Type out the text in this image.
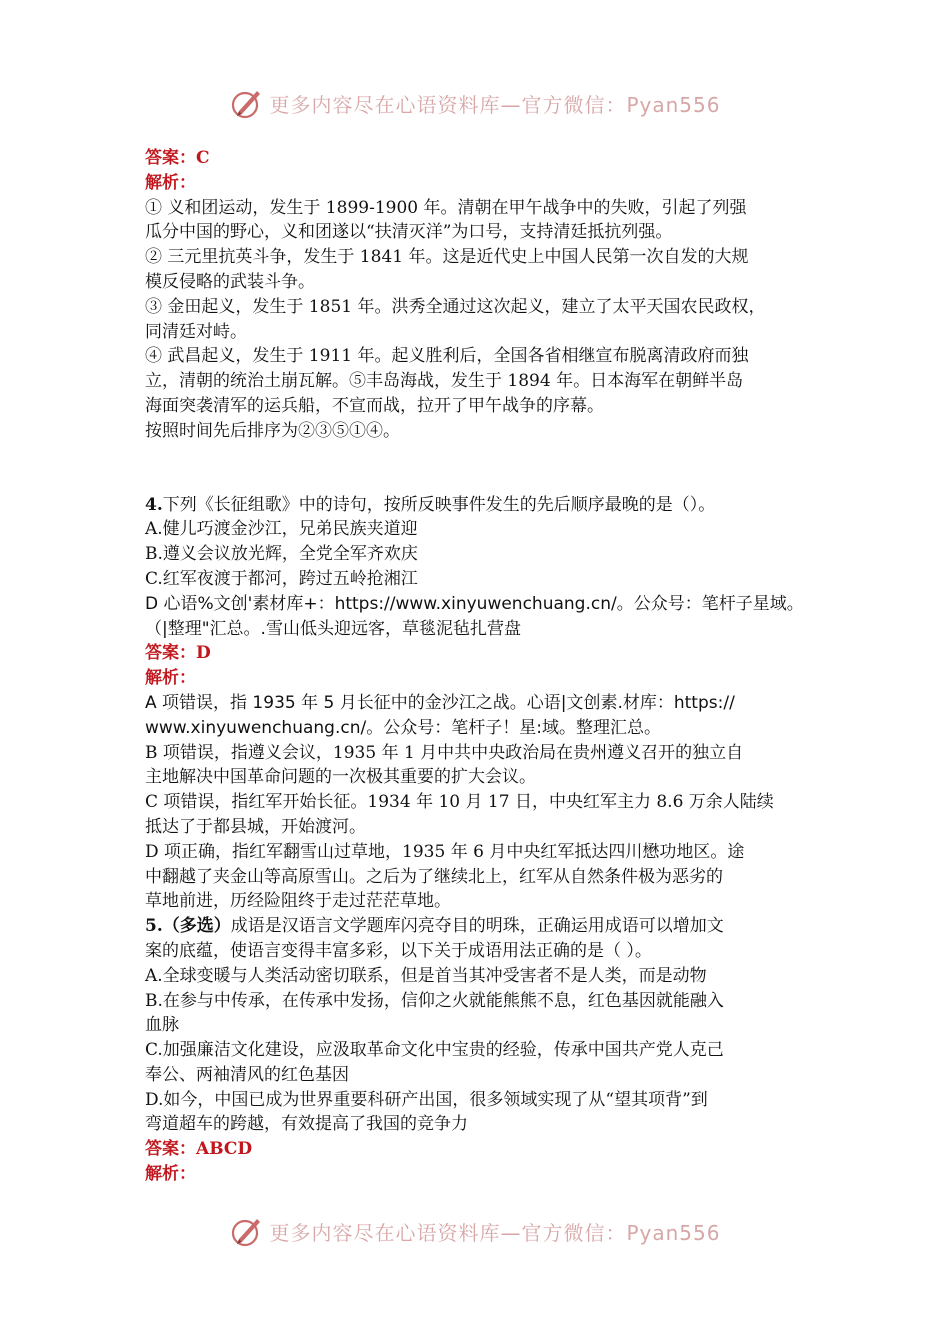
更多内容尽在心语资料库—官方微信：Pyan556

答案：C

解析：

① 义和团运动，发生于 1899-1900 年。清朝在甲午战争中的失败，引起了列强

瓜分中国的野心，义和团遂以“扶清灭洋”为口号，支持清廷抵抗列强。

② 三元里抗英斗争，发生于 1841 年。这是近代史上中国人民第一次自发的大规

模反侵略的武装斗争。

③ 金田起义，发生于 1851 年。洪秀全通过这次起义，建立了太平天国农民政权，

同清廷对峙。

④ 武昌起义，发生于 1911 年。起义胜利后，全国各省相继宣布脱离清政府而独

立，清朝的统治土崩瓦解。⑤丰岛海战，发生于 1894 年。日本海军在朝鲜半岛

海面突袭清军的运兵船，不宣而战，拉开了甲午战争的序幕。

按照时间先后排序为②③⑤①④。

4.下列《长征组歌》中的诗句，按所反映事件发生的先后顺序最晚的是（）。

A.健儿巧渡金沙江，兄弟民族夹道迎

B.遵义会议放光辉，全党全军齐欢庆

C.红军夜渡于都河，跨过五岭抢湘江

D 心语%文创'素材库+：https://www.xinyuwenchuang.cn/。公众号：笔杆子星域。

（|整理"汇总。.雪山低头迎远客，草毯泥毡扎营盘

答案：D

解析：

A 项错误，指 1935 年 5 月长征中的金沙江之战。心语|文创素.材库：https://

www.xinyuwenchuang.cn/。公众号：笔杆子！星:域。整理汇总。

B 项错误，指遵义会议，1935 年 1 月中共中央政治局在贵州遵义召开的独立自

主地解决中国革命问题的一次极其重要的扩大会议。

C 项错误，指红军开始长征。1934 年 10 月 17 日，中央红军主力 8.6 万余人陆续

抵达了于都县城，开始渡河。

D 项正确，指红军翻雪山过草地，1935 年 6 月中央红军抵达四川懋功地区。途

中翻越了夹金山等高原雪山。之后为了继续北上，红军从自然条件极为恶劣的

草地前进，历经险阻终于走过茫茫草地。

5.（多选）成语是汉语言文学题库闪亮夺目的明珠，正确运用成语可以增加文

案的底蕴，使语言变得丰富多彩，以下关于成语用法正确的是（ ）。

A.全球变暖与人类活动密切联系，但是首当其冲受害者不是人类，而是动物

B.在参与中传承，在传承中发扬，信仰之火就能熊熊不息，红色基因就能融入

血脉

C.加强廉洁文化建设，应汲取革命文化中宝贵的经验，传承中国共产党人克己

奉公、两袖清风的红色基因

D.如今，中国已成为世界重要科研产出国，很多领域实现了从“望其项背”到

弯道超车的跨越，有效提高了我国的竞争力

答案：ABCD

解析：

更多内容尽在心语资料库—官方微信：Pyan556
